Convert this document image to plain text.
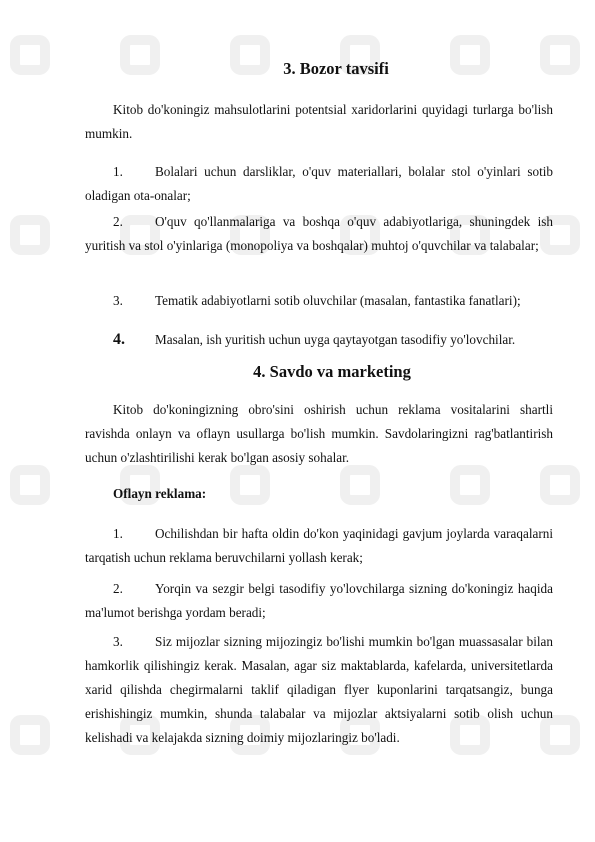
3. Bozor tavsifi
Kitob do'koningiz mahsulotlarini potentsial xaridorlarini quyidagi turlarga bo'lish mumkin.
1. Bolalari uchun darsliklar, o'quv materiallari, bolalar stol o'yinlari sotib oladigan ota-onalar;
2. O'quv qo'llanmalariga va boshqa o'quv adabiyotlariga, shuningdek ish yuritish va stol o'yinlariga (monopoliya va boshqalar) muhtoj o'quvchilar va talabalar;
3. Tematik adabiyotlarni sotib oluvchilar (masalan, fantastika fanatlari);
4. Masalan, ish yuritish uchun uyga qaytayotgan tasodifiy yo'lovchilar.
4. Savdo va marketing
Kitob do'koningizning obro'sini oshirish uchun reklama vositalarini shartli ravishda onlayn va oflayn usullarga bo'lish mumkin. Savdolaringizni rag'batlantirish uchun o'zlashtirilishi kerak bo'lgan asosiy sohalar.
Oflayn reklama:
1. Ochilishdan bir hafta oldin do'kon yaqinidagi gavjum joylarda varaqalarni tarqatish uchun reklama beruvchilarni yollash kerak;
2. Yorqin va sezgir belgi tasodifiy yo'lovchilarga sizning do'koningiz haqida ma'lumot berishga yordam beradi;
3. Siz mijozlar sizning mijozingiz bo'lishi mumkin bo'lgan muassasalar bilan hamkorlik qilishingiz kerak. Masalan, agar siz maktablarda, kafelarda, universitetlarda xarid qilishda chegirmalarni taklif qiladigan flyer kuponlarini tarqatsangiz, bunga erishishingiz mumkin, shunda talabalar va mijozlar aktsiyalarni sotib olish uchun kelishadi va kelajakda sizning doimiy mijozlaringiz bo'ladi.
